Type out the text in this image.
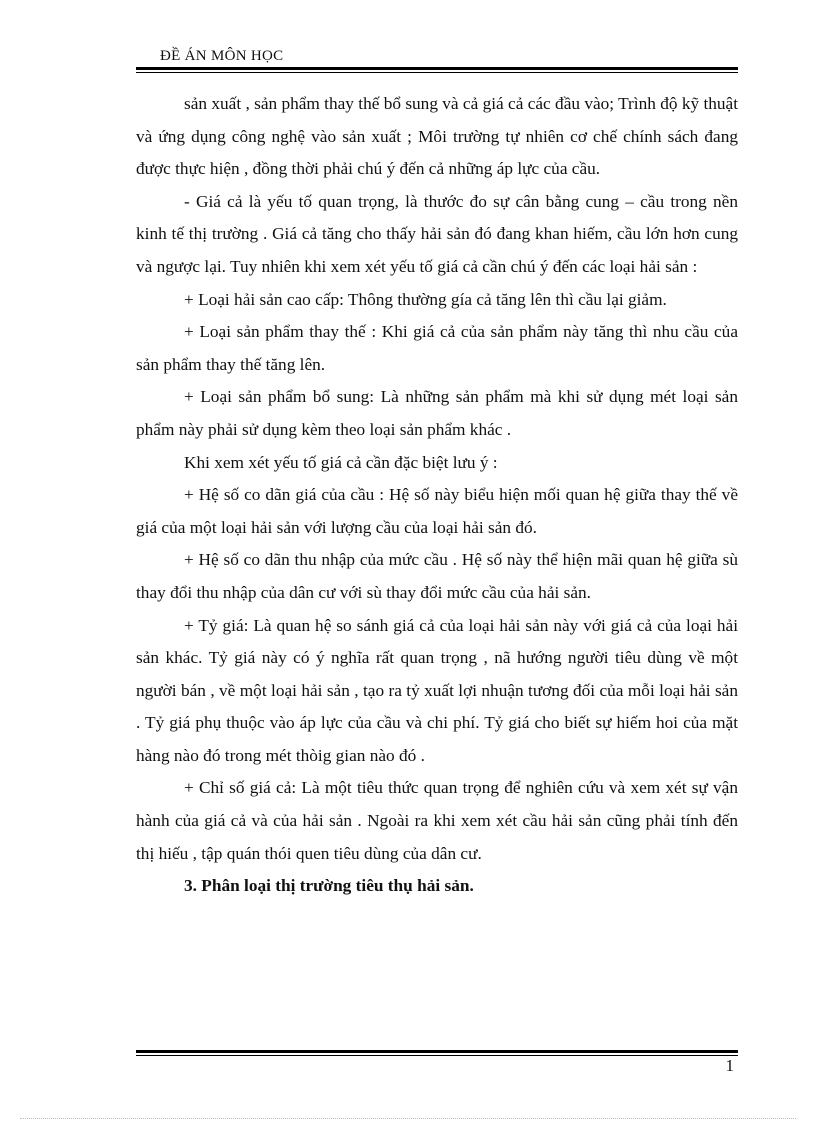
ĐỀ ÁN MÔN HỌC

sản xuất , sản phẩm thay thế bổ sung và cả giá cả các đầu vào; Trình độ kỹ thuật và ứng dụng công nghệ vào sản xuất ; Môi trường tự nhiên cơ chế chính sách đang được thực hiện , đồng thời phải chú ý đến cả những áp lực của cầu.

- Giá cả là yếu tố quan trọng, là thước đo sự cân bằng cung – cầu trong nền kinh tế thị trường . Giá cả tăng cho thấy hải sản đó đang khan hiếm, cầu lớn hơn cung và ngược lại. Tuy nhiên khi xem xét yếu tố giá cả cần chú ý đến các loại hải sản :

+ Loại hải sản cao cấp: Thông thường gía cả tăng lên thì cầu lại giảm.

+ Loại sản phẩm thay thế : Khi giá cả của sản phẩm này tăng thì nhu cầu của sản phẩm thay thế tăng lên.

+ Loại sản phẩm bổ sung: Là những sản phẩm mà khi sử dụng mét loại sản phẩm này phải sử dụng kèm theo loại sản phẩm khác .

Khi xem xét yếu tố giá cả cần đặc biệt lưu ý :

+ Hệ số co dãn giá của cầu : Hệ số này biểu hiện mối quan hệ giữa thay thế về giá của một loại hải sản với lượng cầu của loại hải sản đó.

+ Hệ số co dãn thu nhập của mức cầu . Hệ số này thể hiện mãi quan hệ giữa sù thay đổi thu nhập của dân cư với sù thay đổi mức cầu của hải sản.

+ Tỷ giá: Là quan hệ so sánh giá cả của loại hải sản này với giá cả của loại hải sản khác. Tỷ giá này có ý nghĩa rất quan trọng , nã hướng người tiêu dùng về một người bán , về một loại hải sản , tạo ra tỷ xuất lợi nhuận tương đối của mỗi loại hải sản . Tỷ giá phụ thuộc vào áp lực của cầu và chi phí. Tỷ giá cho biết sự hiếm hoi của mặt hàng nào đó trong mét thòig gian nào đó .

+ Chỉ số giá cả: Là một tiêu thức quan trọng để nghiên cứu và xem xét sự vận hành của giá cả và của hải sản . Ngoài ra khi xem xét cầu hải sản cũng phải tính đến thị hiếu , tập quán thói quen tiêu dùng của dân cư.

3. Phân loại thị trường tiêu thụ hải sản.

1
